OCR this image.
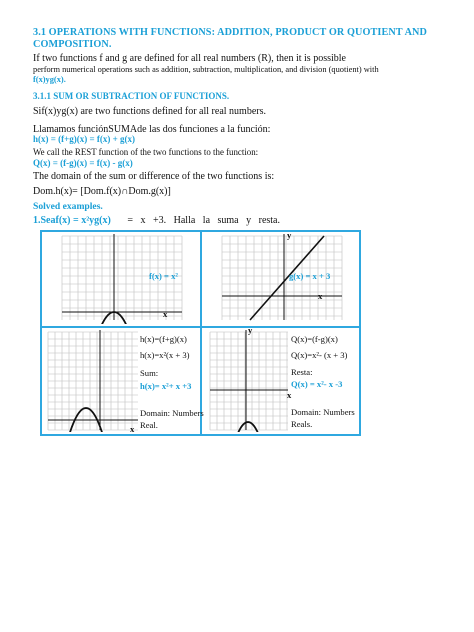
3.1 OPERATIONS WITH FUNCTIONS: ADDITION, PRODUCT OR QUOTIENT AND
COMPOSITION.
If two functions f and g are defined for all real numbers (R), then it is possible
perform numerical operations such as addition, subtraction, multiplication, and division (quotient) with
f(x)yg(x).
3.1.1 SUM OR SUBTRACTION OF FUNCTIONS.
Sif(x)yg(x) are two functions defined for all real numbers.
Llamamos funciónSUMAde las dos funciones a la función:
h(x) = (f+g)(x) = f(x) + g(x)
We call the REST function of the two functions to the function:
Q(x) = (f-g)(x) = f(x) - g(x)
The domain of the sum or difference of the two functions is:
Dom.h(x)= [Dom.f(x)∩Dom.g(x)]
Solved examples.
1.Seaf(x) = x²yg(x) = x +3. Halla la suma y resta.
f(x) = x²
x
y
g(x) = x + 3
x
x
h(x)=(f+g)(x)
h(x)=x²(x + 3)
Sum:
h(x)= x²+ x +3
Domain: Numbers
Real.
y
x
Q(x)=(f-g)(x)
Q(x)=x²- (x + 3)
Resta:
Q(x) = x²- x -3
Domain: Numbers
Reals.
